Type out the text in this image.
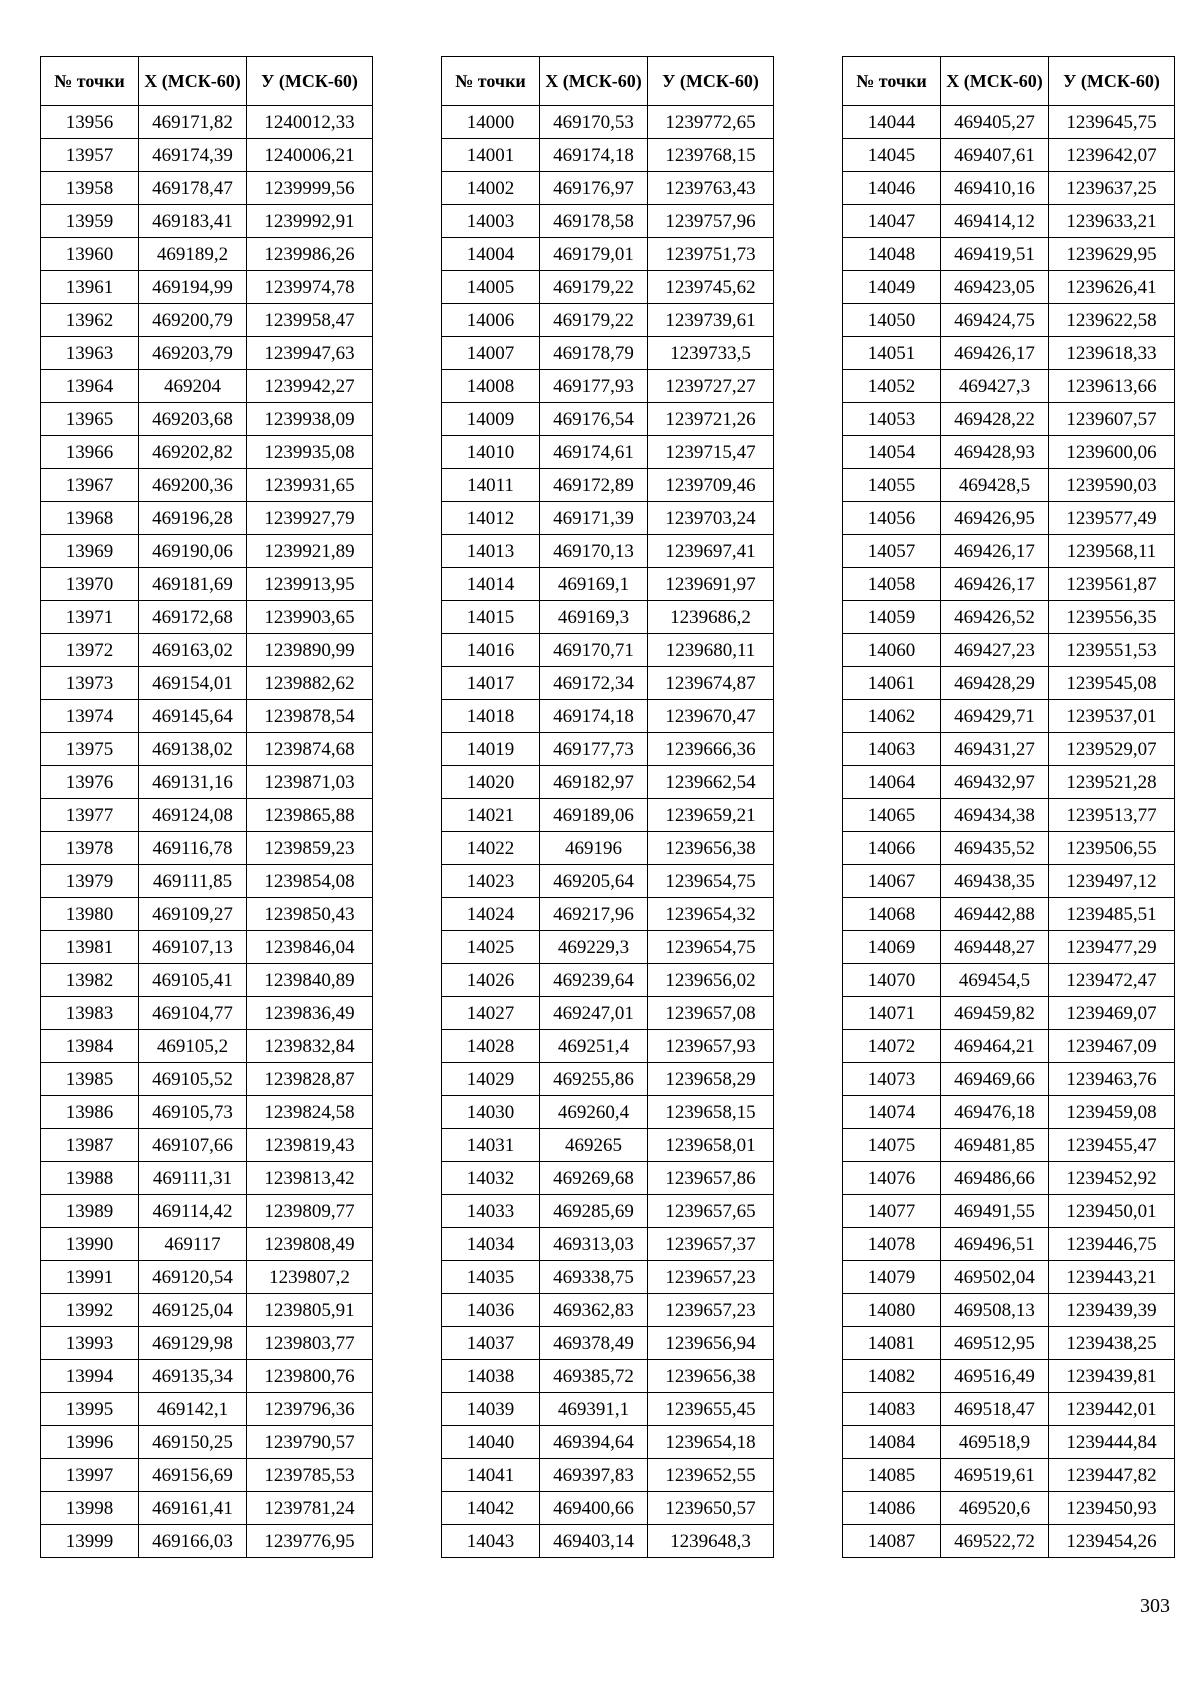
№ точки	Х (МСК-60)	У (МСК-60)
13956	469171,82	1240012,33
13957	469174,39	1240006,21
13958	469178,47	1239999,56
13959	469183,41	1239992,91
13960	469189,2	1239986,26
13961	469194,99	1239974,78
13962	469200,79	1239958,47
13963	469203,79	1239947,63
13964	469204	1239942,27
13965	469203,68	1239938,09
13966	469202,82	1239935,08
13967	469200,36	1239931,65
13968	469196,28	1239927,79
13969	469190,06	1239921,89
13970	469181,69	1239913,95
13971	469172,68	1239903,65
13972	469163,02	1239890,99
13973	469154,01	1239882,62
13974	469145,64	1239878,54
13975	469138,02	1239874,68
13976	469131,16	1239871,03
13977	469124,08	1239865,88
13978	469116,78	1239859,23
13979	469111,85	1239854,08
13980	469109,27	1239850,43
13981	469107,13	1239846,04
13982	469105,41	1239840,89
13983	469104,77	1239836,49
13984	469105,2	1239832,84
13985	469105,52	1239828,87
13986	469105,73	1239824,58
13987	469107,66	1239819,43
13988	469111,31	1239813,42
13989	469114,42	1239809,77
13990	469117	1239808,49
13991	469120,54	1239807,2
13992	469125,04	1239805,91
13993	469129,98	1239803,77
13994	469135,34	1239800,76
13995	469142,1	1239796,36
13996	469150,25	1239790,57
13997	469156,69	1239785,53
13998	469161,41	1239781,24
13999	469166,03	1239776,95
№ точки	Х (МСК-60)	У (МСК-60)
14000	469170,53	1239772,65
14001	469174,18	1239768,15
14002	469176,97	1239763,43
14003	469178,58	1239757,96
14004	469179,01	1239751,73
14005	469179,22	1239745,62
14006	469179,22	1239739,61
14007	469178,79	1239733,5
14008	469177,93	1239727,27
14009	469176,54	1239721,26
14010	469174,61	1239715,47
14011	469172,89	1239709,46
14012	469171,39	1239703,24
14013	469170,13	1239697,41
14014	469169,1	1239691,97
14015	469169,3	1239686,2
14016	469170,71	1239680,11
14017	469172,34	1239674,87
14018	469174,18	1239670,47
14019	469177,73	1239666,36
14020	469182,97	1239662,54
14021	469189,06	1239659,21
14022	469196	1239656,38
14023	469205,64	1239654,75
14024	469217,96	1239654,32
14025	469229,3	1239654,75
14026	469239,64	1239656,02
14027	469247,01	1239657,08
14028	469251,4	1239657,93
14029	469255,86	1239658,29
14030	469260,4	1239658,15
14031	469265	1239658,01
14032	469269,68	1239657,86
14033	469285,69	1239657,65
14034	469313,03	1239657,37
14035	469338,75	1239657,23
14036	469362,83	1239657,23
14037	469378,49	1239656,94
14038	469385,72	1239656,38
14039	469391,1	1239655,45
14040	469394,64	1239654,18
14041	469397,83	1239652,55
14042	469400,66	1239650,57
14043	469403,14	1239648,3
№ точки	Х (МСК-60)	У (МСК-60)
14044	469405,27	1239645,75
14045	469407,61	1239642,07
14046	469410,16	1239637,25
14047	469414,12	1239633,21
14048	469419,51	1239629,95
14049	469423,05	1239626,41
14050	469424,75	1239622,58
14051	469426,17	1239618,33
14052	469427,3	1239613,66
14053	469428,22	1239607,57
14054	469428,93	1239600,06
14055	469428,5	1239590,03
14056	469426,95	1239577,49
14057	469426,17	1239568,11
14058	469426,17	1239561,87
14059	469426,52	1239556,35
14060	469427,23	1239551,53
14061	469428,29	1239545,08
14062	469429,71	1239537,01
14063	469431,27	1239529,07
14064	469432,97	1239521,28
14065	469434,38	1239513,77
14066	469435,52	1239506,55
14067	469438,35	1239497,12
14068	469442,88	1239485,51
14069	469448,27	1239477,29
14070	469454,5	1239472,47
14071	469459,82	1239469,07
14072	469464,21	1239467,09
14073	469469,66	1239463,76
14074	469476,18	1239459,08
14075	469481,85	1239455,47
14076	469486,66	1239452,92
14077	469491,55	1239450,01
14078	469496,51	1239446,75
14079	469502,04	1239443,21
14080	469508,13	1239439,39
14081	469512,95	1239438,25
14082	469516,49	1239439,81
14083	469518,47	1239442,01
14084	469518,9	1239444,84
14085	469519,61	1239447,82
14086	469520,6	1239450,93
14087	469522,72	1239454,26
303
